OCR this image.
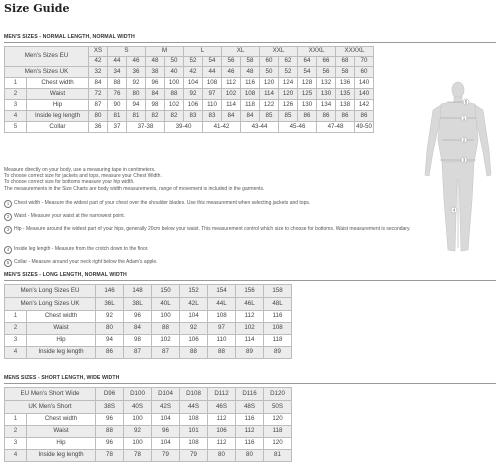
Size Guide
MEN'S SIZES - NORMAL LENGTH, NORMAL WIDTH
Men's Sizes EU		XS	S		M		L		XL		XXL		XXXL		XXXXL	
		42	44	46	48	50	52	54	56	58	60	62	64	66	68	70
Men's Sizes UK		32	34	36	38	40	42	44	46	48	50	52	54	56	58	60
1	Chest width	84	88	92	96	100	104	108	112	116	120	124	128	132	136	140
2	Waist	72	76	80	84	88	92	97	102	108	114	120	125	130	135	140
3	Hip	87	90	94	98	102	106	110	114	118	122	126	130	134	138	142
4	Inside leg length	80	81	81	82	82	83	83	84	84	85	85	86	86	86	86
5	Collar	36	37	37-38		39-40		41-42		43-44		45-46		47-48		49-50
Measure directly on your body, use a measuring tape in centimeters.
To choose correct size for jackets and tops, measure your Chest Width.
To choose correct size for bottoms measure your hip width.
The measurements in the Size Charts are body width measurements, range of movement is included in the garments.
1 Chest width - Measure the widest part of your chest over the shoulder blades. Use this measurement when selecting jackets and tops.
2 Waist - Measure your waist at the narrowest point.
3 Hip - Measure around the widest part of your hips, generally 20cm below your waist. This measurement control which size to choose for bottoms. Waist measurement is secondary.
4 Inside leg length - Measure from the crotch down to the floor.
5 Collar - Measure around your neck right below the Adam's apple.
MEN'S SIZES - LONG LENGTH, NORMAL WIDTH
Men's Long Sizes EU		146	148	150	152	154	156	158
Men's Long Sizes UK		36L	38L	40L	42L	44L	46L	48L
1	Chest width	92	96	100	104	108	112	116
2	Waist	80	84	88	92	97	102	108
3	Hip	94	98	102	106	110	114	118
4	Inside leg length	86	87	87	88	88	89	89
MENS SIZES - SHORT LENGTH, WIDE WIDTH
EU Men's Short Wide		D96	D100	D104	D108	D112	D116	D120
UK Men's Short		38S	40S	42S	44S	46S	48S	50S
1	Chest width	96	100	104	108	112	116	120
2	Waist	88	92	96	101	106	112	118
3	Hip	96	100	104	108	112	116	120
4	Inside leg length	78	78	79	79	80	80	81
5
1
2
3
4
